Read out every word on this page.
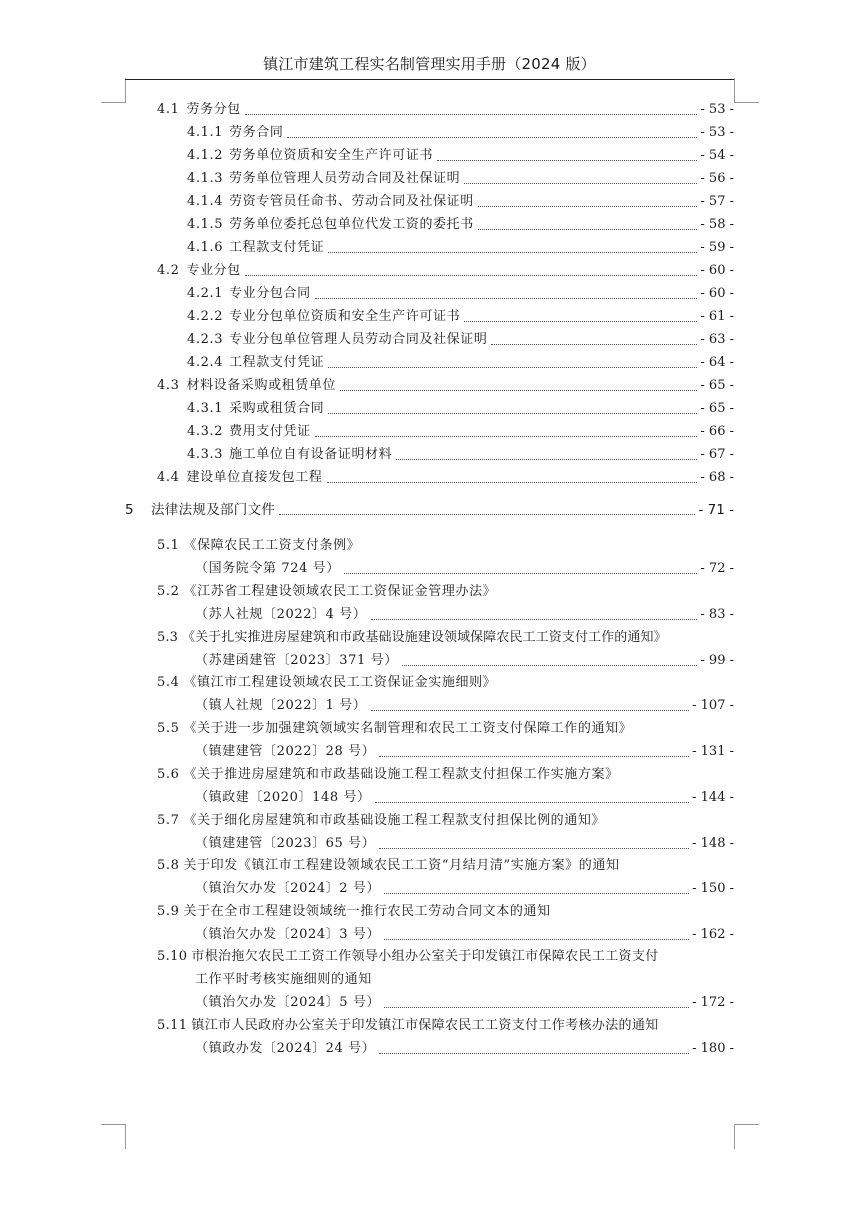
镇江市建筑工程实名制管理实用手册（2024 版）
4.1 劳务分包	- 53 -
4.1.1 劳务合同	- 53 -
4.1.2 劳务单位资质和安全生产许可证书	- 54 -
4.1.3 劳务单位管理人员劳动合同及社保证明	- 56 -
4.1.4 劳资专管员任命书、劳动合同及社保证明	- 57 -
4.1.5 劳务单位委托总包单位代发工资的委托书	- 58 -
4.1.6 工程款支付凭证	- 59 -
4.2 专业分包	- 60 -
4.2.1 专业分包合同	- 60 -
4.2.2 专业分包单位资质和安全生产许可证书	- 61 -
4.2.3 专业分包单位管理人员劳动合同及社保证明	- 63 -
4.2.4 工程款支付凭证	- 64 -
4.3 材料设备采购或租赁单位	- 65 -
4.3.1 采购或租赁合同	- 65 -
4.3.2 费用支付凭证	- 66 -
4.3.3 施工单位自有设备证明材料	- 67 -
4.4 建设单位直接发包工程	- 68 -
5 法律法规及部门文件	- 71 -
5.1 《保障农民工工资支付条例》
（国务院令第 724 号）	- 72 -
5.2 《江苏省工程建设领域农民工工资保证金管理办法》
（苏人社规〔2022〕4 号）	- 83 -
5.3 《关于扎实推进房屋建筑和市政基础设施建设领域保障农民工工资支付工作的通知》
（苏建函建管〔2023〕371 号）	- 99 -
5.4 《镇江市工程建设领域农民工工资保证金实施细则》
（镇人社规〔2022〕1 号）	- 107 -
5.5 《关于进一步加强建筑领域实名制管理和农民工工资支付保障工作的通知》
（镇建建管〔2022〕28 号）	- 131 -
5.6 《关于推进房屋建筑和市政基础设施工程工程款支付担保工作实施方案》
（镇政建〔2020〕148 号）	- 144 -
5.7 《关于细化房屋建筑和市政基础设施工程工程款支付担保比例的通知》
（镇建建管〔2023〕65 号）	- 148 -
5.8 关于印发《镇江市工程建设领域农民工工资“月结月清”实施方案》的通知
（镇治欠办发〔2024〕2 号）	- 150 -
5.9 关于在全市工程建设领域统一推行农民工劳动合同文本的通知
（镇治欠办发〔2024〕3 号）	- 162 -
5.10 市根治拖欠农民工工资工作领导小组办公室关于印发镇江市保障农民工工资支付
工作平时考核实施细则的通知
（镇治欠办发〔2024〕5 号）	- 172 -
5.11 镇江市人民政府办公室关于印发镇江市保障农民工工资支付工作考核办法的通知
（镇政办发〔2024〕24 号）	- 180 -
